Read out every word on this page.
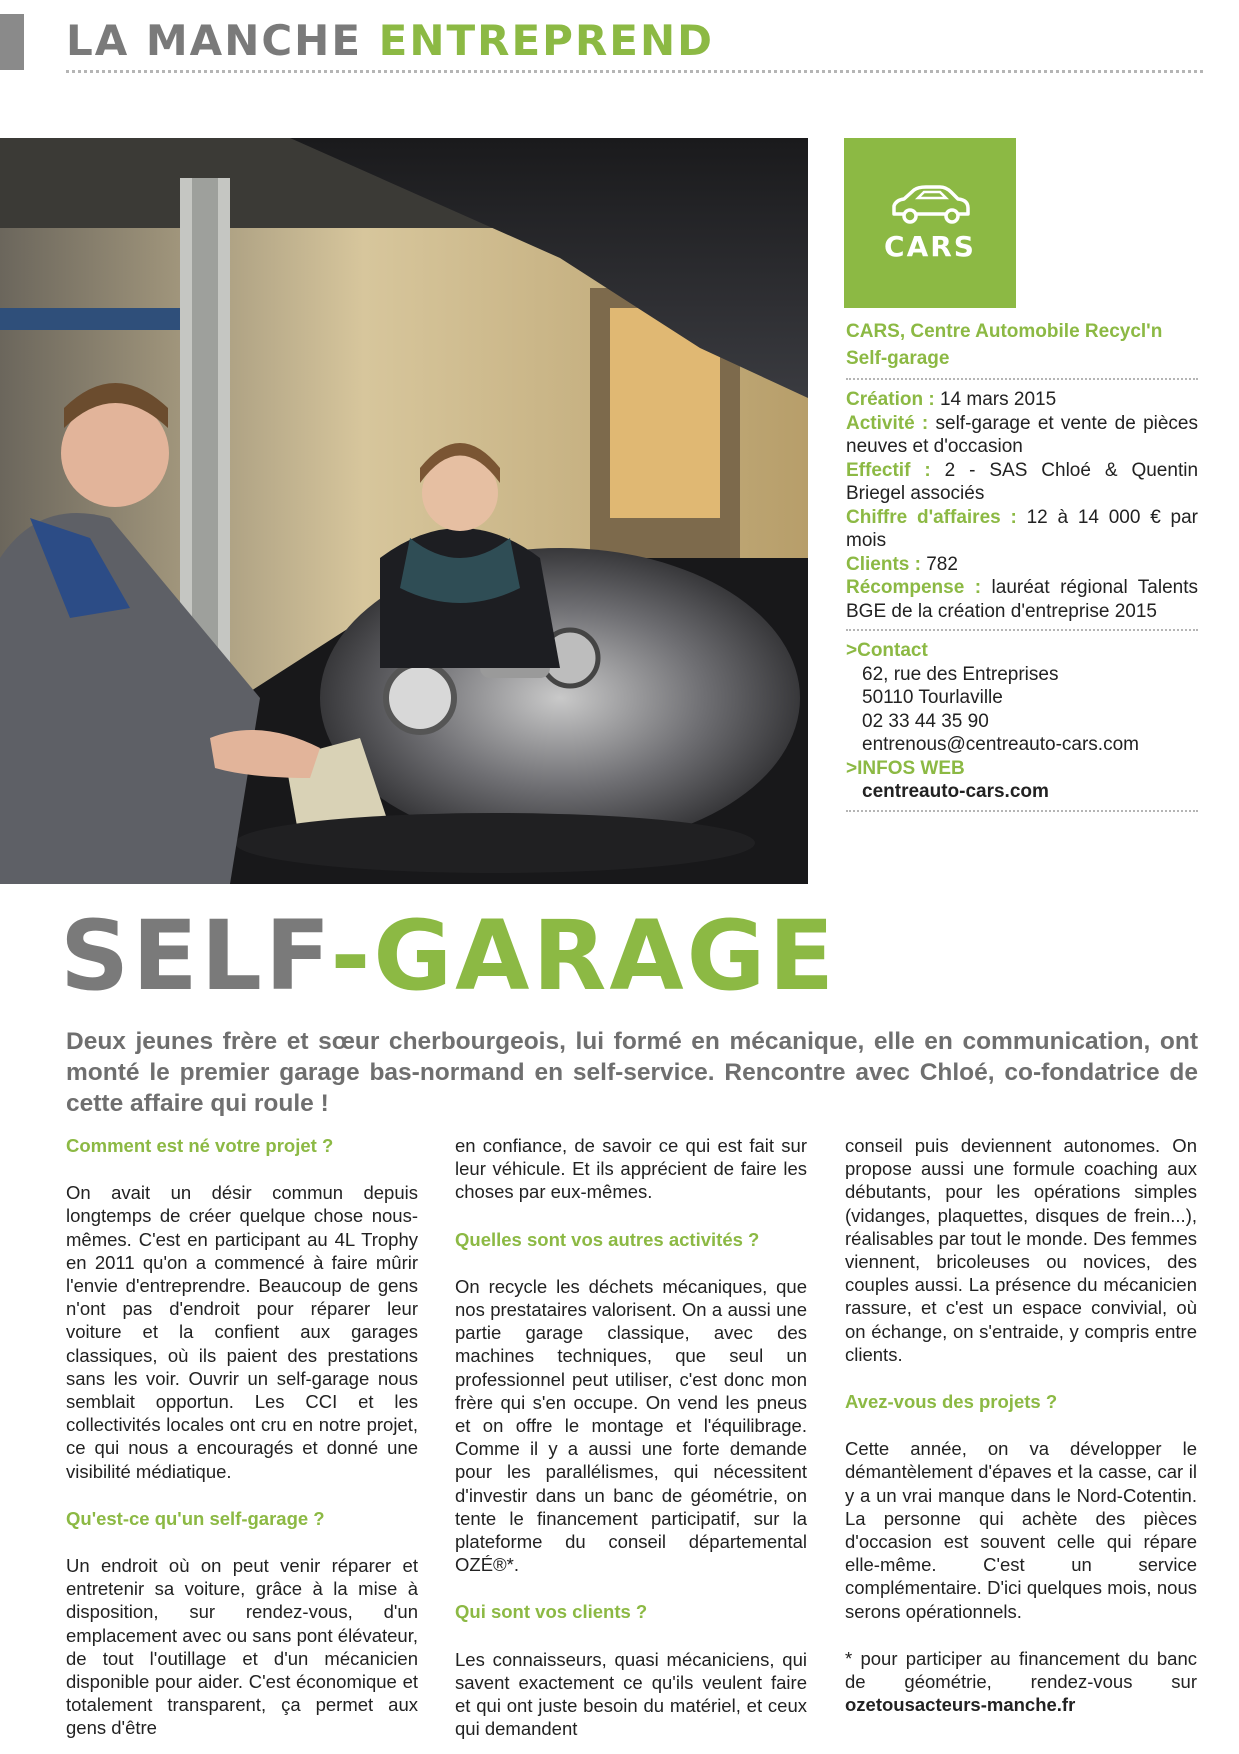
LA MANCHE ENTREPREND
CARS
CARS, Centre Automobile Recycl'n Self-garage
Création : 14 mars 2015
Activité : self-garage et vente de pièces neuves et d'occasion
Effectif : 2 - SAS Chloé & Quentin Briegel associés
Chiffre d'affaires : 12 à 14 000 € par mois
Clients : 782
Récompense : lauréat régional Talents BGE de la création d'entreprise 2015
>Contact
62, rue des Entreprises
50110 Tourlaville
02 33 44 35 90
entrenous@centreauto-cars.com
>INFOS WEB
centreauto-cars.com
SELF-GARAGE
Deux jeunes frère et sœur cherbourgeois, lui formé en mécanique, elle en communication, ont monté le premier garage bas-normand en self-service. Rencontre avec Chloé, co-fondatrice de cette affaire qui roule !
Comment est né votre projet ?

On avait un désir commun depuis longtemps de créer quelque chose nous-mêmes. C'est en participant au 4L Trophy en 2011 qu'on a commencé à faire mûrir l'envie d'entreprendre. Beaucoup de gens n'ont pas d'endroit pour réparer leur voiture et la confient aux garages classiques, où ils paient des prestations sans les voir. Ouvrir un self-garage nous semblait opportun. Les CCI et les collectivités locales ont cru en notre projet, ce qui nous a encouragés et donné une visibilité médiatique.

Qu'est-ce qu'un self-garage ?

Un endroit où on peut venir réparer et entretenir sa voiture, grâce à la mise à disposition, sur rendez-vous, d'un emplacement avec ou sans pont élévateur, de tout l'outillage et d'un mécanicien disponible pour aider. C'est économique et totalement transparent, ça permet aux gens d'être

en confiance, de savoir ce qui est fait sur leur véhicule. Et ils apprécient de faire les choses par eux-mêmes.

Quelles sont vos autres activités ?

On recycle les déchets mécaniques, que nos prestataires valorisent. On a aussi une partie garage classique, avec des machines techniques, que seul un professionnel peut utiliser, c'est donc mon frère qui s'en occupe. On vend les pneus et on offre le montage et l'équilibrage. Comme il y a aussi une forte demande pour les parallélismes, qui nécessitent d'investir dans un banc de géométrie, on tente le financement participatif, sur la plateforme du conseil départemental OZÉ®*.

Qui sont vos clients ?

Les connaisseurs, quasi mécaniciens, qui savent exactement ce qu'ils veulent faire et qui ont juste besoin du matériel, et ceux qui demandent

conseil puis deviennent autonomes. On propose aussi une formule coaching aux débutants, pour les opérations simples (vidanges, plaquettes, disques de frein...), réalisables par tout le monde. Des femmes viennent, bricoleuses ou novices, des couples aussi. La présence du mécanicien rassure, et c'est un espace convivial, où on échange, on s'entraide, y compris entre clients.

Avez-vous des projets ?

Cette année, on va développer le démantèlement d'épaves et la casse, car il y a un vrai manque dans le Nord-Cotentin. La personne qui achète des pièces d'occasion est souvent celle qui répare elle-même. C'est un service complémentaire. D'ici quelques mois, nous serons opérationnels.

* pour participer au financement du banc de géométrie, rendez-vous sur ozetousacteurs-manche.fr
